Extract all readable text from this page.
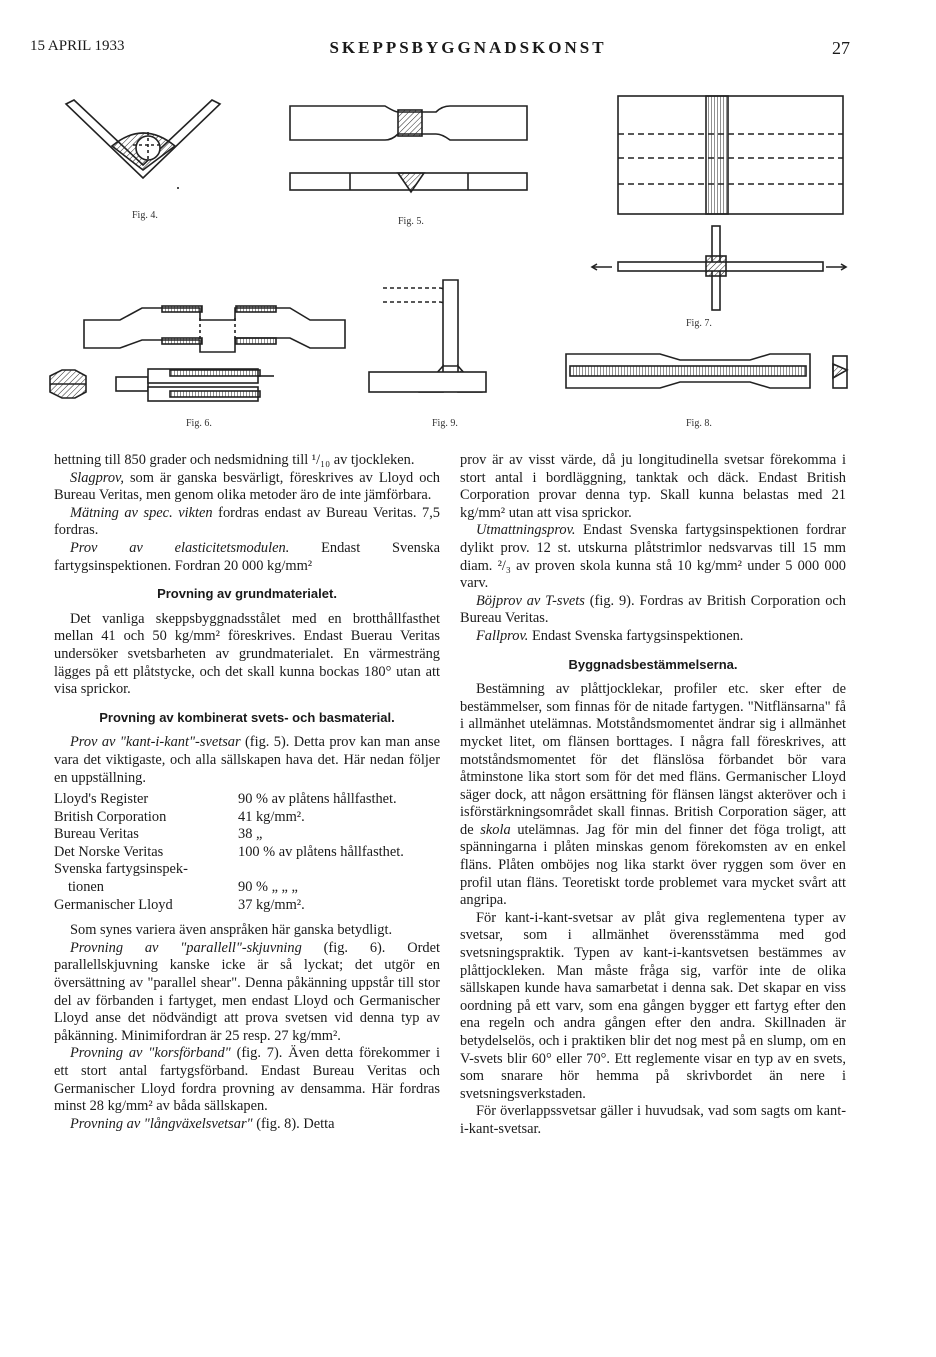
15 APRIL 1933	SKEPPSBYGGNADSKONST	27
Fig. 4.
Fig. 5.
Fig. 7.
Fig. 6.	Fig. 9.	Fig. 8.

hettning till 850 grader och nedsmidning till ¹/₁₀ av tjockleken.

Slagprov, som är ganska besvärligt, föreskrives av Lloyd och Bureau Veritas, men genom olika metoder äro de inte jämförbara.

Mätning av spec. vikten fordras endast av Bureau Veritas. 7,5 fordras.

Prov av elasticitetsmodulen. Endast Svenska fartygsinspektionen. Fordran 20 000 kg/mm²

Provning av grundmaterialet.

Det vanliga skeppsbyggnadsstålet med en brotthållfasthet mellan 41 och 50 kg/mm² föreskrives. Endast Buerau Veritas undersöker svetsbarheten av grundmaterialet. En värmesträng lägges på ett plåtstycke, och det skall kunna bockas 180° utan att visa sprickor.

Provning av kombinerat svets- och basmaterial.

Prov av "kant-i-kant"-svetsar (fig. 5). Detta prov kan man anse vara det viktigaste, och alla sällskapen hava det. Här nedan följer en uppställning.

Lloyd's Register	90 % av plåtens hållfasthet.
British Corporation	41 kg/mm².
Bureau Veritas	38 „
Det Norske Veritas	100 % av plåtens hållfasthet.
Svenska fartygsinspek-	
tionen	90 % „ „ „
Germanischer Lloyd	37 kg/mm².

Som synes variera även anspråken här ganska betydligt.

Provning av "parallell"-skjuvning (fig. 6). Ordet parallellskjuvning kanske icke är så lyckat; det utgör en översättning av "parallel shear". Denna påkänning uppstår till stor del av förbanden i fartyget, men endast Lloyd och Germanischer Lloyd anse det nödvändigt att prova svetsen vid denna typ av påkänning. Minimifordran är 25 resp. 27 kg/mm².

Provning av "korsförband" (fig. 7). Även detta förekommer i ett stort antal fartygsförband. Endast Bureau Veritas och Germanischer Lloyd fordra provning av densamma. Här fordras minst 28 kg/mm² av båda sällskapen.

Provning av "långväxelsvetsar" (fig. 8). Detta

prov är av visst värde, då ju longitudinella svetsar förekomma i stort antal i bordläggning, tanktak och däck. Endast British Corporation provar denna typ. Skall kunna belastas med 21 kg/mm² utan att visa sprickor.

Utmattningsprov. Endast Svenska fartygsinspektionen fordrar dylikt prov. 12 st. utskurna plåtstrimlor nedsvarvas till 15 mm diam. ²/₃ av proven skola kunna stå 10 kg/mm² under 5 000 000 varv.

Böjprov av T-svets (fig. 9). Fordras av British Corporation och Bureau Veritas.

Fallprov. Endast Svenska fartygsinspektionen.

Byggnadsbestämmelserna.

Bestämning av plåttjocklekar, profiler etc. sker efter de bestämmelser, som finnas för de nitade fartygen. "Nitflänsarna" få i allmänhet utelämnas. Motståndsmomentet ändrar sig i allmänhet mycket litet, om flänsen borttages. I några fall föreskrives, att motståndsmomentet för det flänslösa förbandet bör vara åtminstone lika stort som för det med fläns. Germanischer Lloyd säger dock, att någon ersättning för flänsen längst akteröver och i isförstärkningsområdet skall finnas. British Corporation säger, att de skola utelämnas. Jag för min del finner det föga troligt, att spänningarna i plåten minskas genom förekomsten av en enkel fläns. Plåten omböjes nog lika starkt över ryggen som över en profil utan fläns. Teoretiskt torde problemet vara mycket svårt att angripa.

För kant-i-kant-svetsar av plåt giva reglementena typer av svetsar, som i allmänhet överensstämma med god svetsningspraktik. Typen av kant-i-kantsvetsen bestämmes av plåttjockleken. Man måste fråga sig, varför inte de olika sällskapen kunde hava samarbetat i denna sak. Det skapar en viss oordning på ett varv, som ena gången bygger ett fartyg efter den ena regeln och andra gången efter den andra. Skillnaden är betydelselös, och i praktiken blir det nog mest på en slump, om en V-svets blir 60° eller 70°. Ett reglemente visar en typ av en svets, som snarare hör hemma på skrivbordet än nere i svetsningsverkstaden.

För överlappssvetsar gäller i huvudsak, vad som sagts om kant-i-kant-svetsar.
